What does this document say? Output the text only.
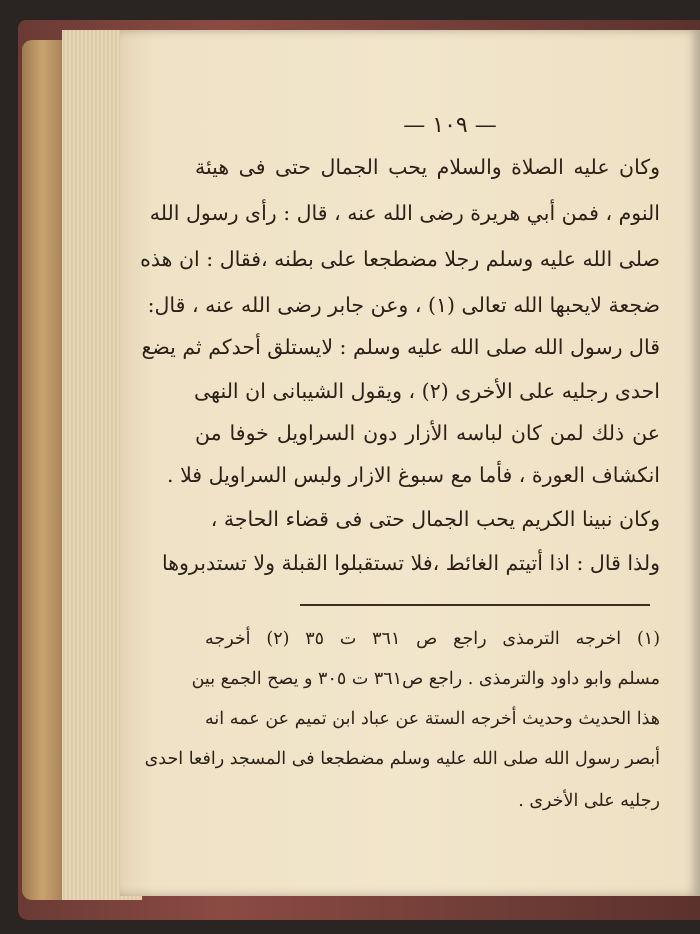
— ١٠٩ —
وكان عليه الصلاة والسلام يحب الجمال حتى فى هيئة
النوم ، فمن أبي هريرة رضى الله عنه ، قال : رأى رسول الله
صلى الله عليه وسلم رجلا مضطجعا على بطنه ،فقال : ان هذه
ضجعة لايحبها الله تعالى (١) ، وعن جابر رضى الله عنه ، قال:
قال رسول الله صلى الله عليه وسلم : لايستلق أحدكم ثم يضع
احدى رجليه على الأخرى (٢) ، ويقول الشيبانى ان النهى
عن ذلك لمن كان لباسه الأزار دون السراويل خوفا من
انكشاف العورة ، فأما مع سبوغ الازار ولبس السراويل فلا .
وكان نبينا الكريم يحب الجمال حتى فى قضاء الحاجة ،
ولذا قال : اذا أتيتم الغائط ،فلا تستقبلوا القبلة ولا تستدبروها
(١) اخرجه الترمذى راجع ص ٣٦١ ت ٣٥ (٢) أخرجه
مسلم وابو داود والترمذى . راجع ص٣٦١ ت ٣٠٥ و يصح الجمع بين
هذا الحديث وحديث أخرجه الستة عن عباد ابن تميم عن عمه انه
أبصر رسول الله صلى الله عليه وسلم مضطجعا فى المسجد رافعا احدى
رجليه على الأخرى .
